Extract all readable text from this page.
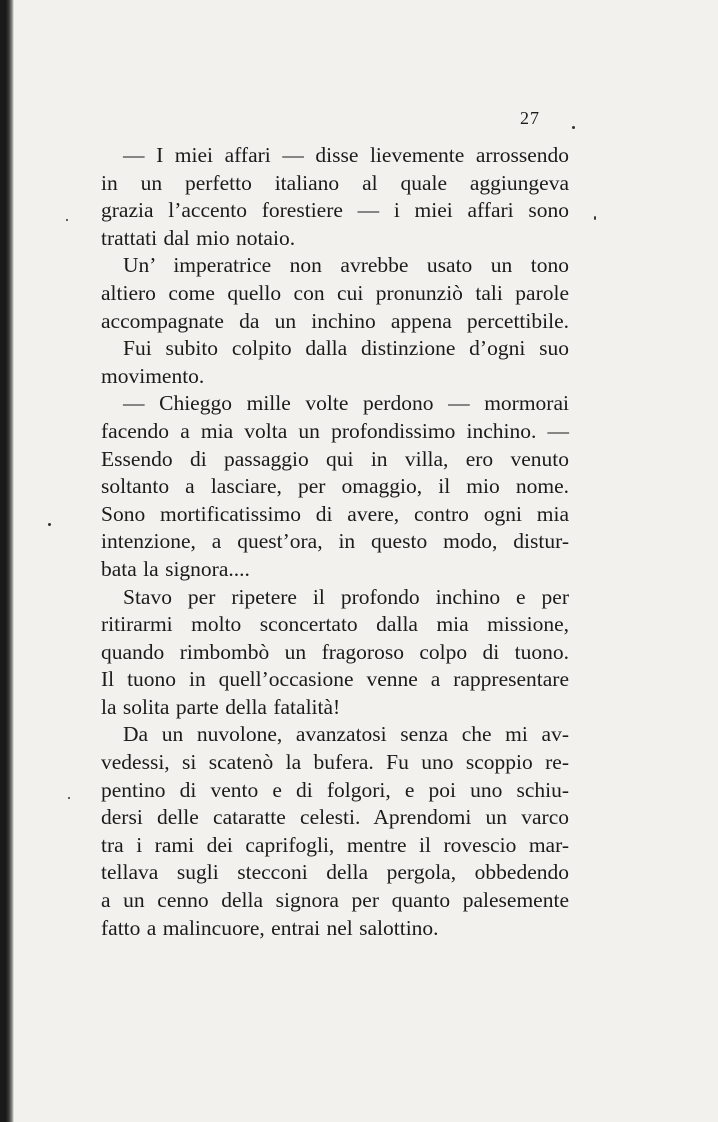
27
— I miei affari — disse lievemente arrossendo
in un perfetto italiano al quale aggiungeva
grazia l’accento forestiere — i miei affari sono
trattati dal mio notaio.
Un’ imperatrice non avrebbe usato un tono
altiero come quello con cui pronunziò tali parole
accompagnate da un inchino appena percettibile.
Fui subito colpito dalla distinzione d’ogni suo
movimento.
— Chieggo mille volte perdono — mormorai
facendo a mia volta un profondissimo inchino. —
Essendo di passaggio qui in villa, ero venuto
soltanto a lasciare, per omaggio, il mio nome.
Sono mortificatissimo di avere, contro ogni mia
intenzione, a quest’ora, in questo modo, distur-
bata la signora....
Stavo per ripetere il profondo inchino e per
ritirarmi molto sconcertato dalla mia missione,
quando rimbombò un fragoroso colpo di tuono.
Il tuono in quell’occasione venne a rappresentare
la solita parte della fatalità!
Da un nuvolone, avanzatosi senza che mi av-
vedessi, si scatenò la bufera. Fu uno scoppio re-
pentino di vento e di folgori, e poi uno schiu-
dersi delle cataratte celesti. Aprendomi un varco
tra i rami dei caprifogli, mentre il rovescio mar-
tellava sugli stecconi della pergola, obbedendo
a un cenno della signora per quanto palesemente
fatto a malincuore, entrai nel salottino.
